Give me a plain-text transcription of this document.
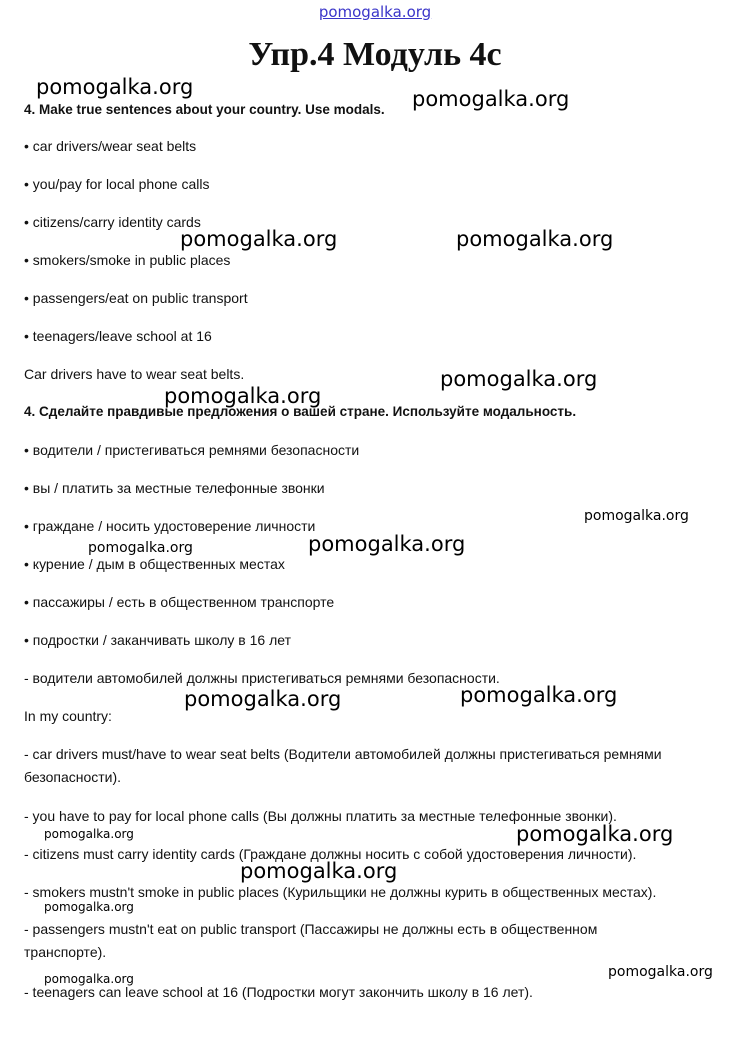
pomogalka.org
Упр.4 Модуль 4c
4. Make true sentences about your country. Use modals.
• car drivers/wear seat belts
• you/pay for local phone calls
• citizens/carry identity cards
• smokers/smoke in public places
• passengers/eat on public transport
• teenagers/leave school at 16
Car drivers have to wear seat belts.
4. Сделайте правдивые предложения о вашей стране. Используйте модальность.
• водители / пристегиваться ремнями безопасности
• вы / платить за местные телефонные звонки
• граждане / носить удостоверение личности
• курение / дым в общественных местах
• пассажиры / есть в общественном транспорте
• подростки / заканчивать школу в 16 лет
- водители автомобилей должны пристегиваться ремнями безопасности.
In my country:
- car drivers must/have to wear seat belts (Водители автомобилей должны пристегиваться ремнями
безопасности).
- you have to pay for local phone calls (Вы должны платить за местные телефонные звонки).
- citizens must carry identity cards (Граждане должны носить с собой удостоверения личности).
- smokers mustn't smoke in public places (Курильщики не должны курить в общественных местах).
- passengers mustn't eat on public transport (Пассажиры не должны есть в общественном
транспорте).
- teenagers can leave school at 16 (Подростки могут закончить школу в 16 лет).
pomogalka.org	pomogalka.org
pomogalka.org	pomogalka.org
pomogalka.org
pomogalka.org
pomogalka.org
pomogalka.org	pomogalka.org
pomogalka.org	pomogalka.org
pomogalka.org	pomogalka.org
pomogalka.org
pomogalka.org
pomogalka.org	pomogalka.org
